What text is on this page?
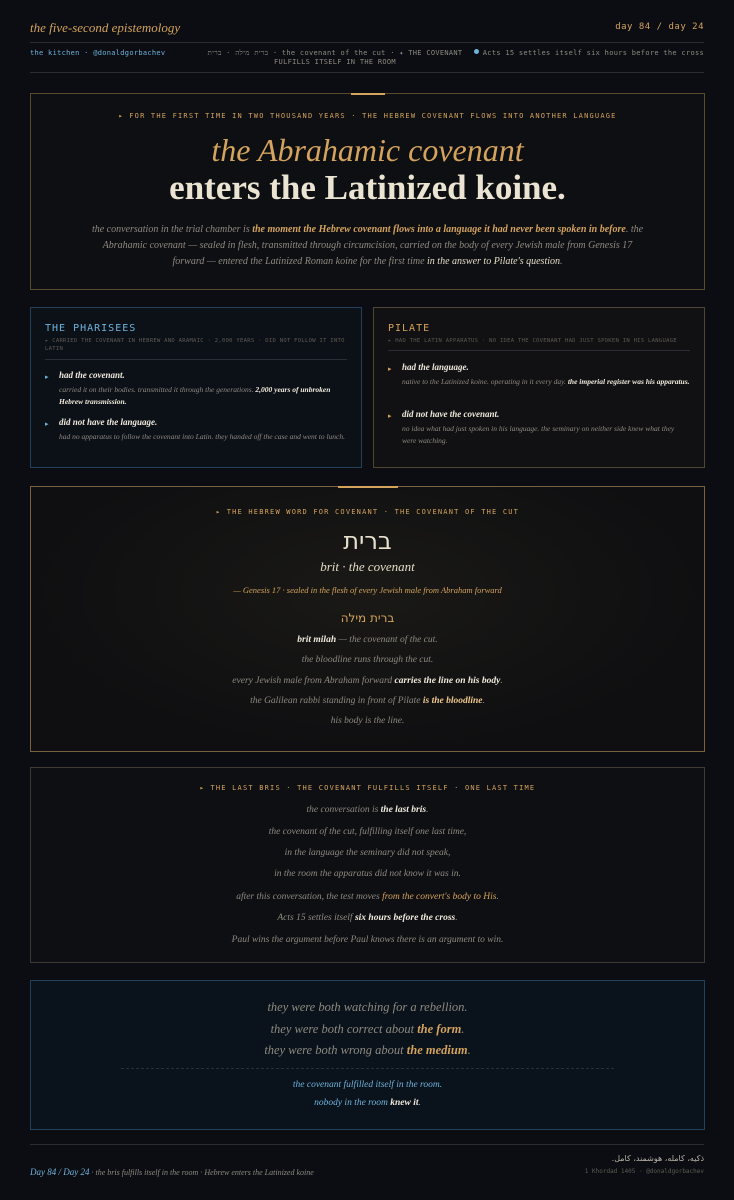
the five-second epistemology	day 84 / day 24
the kitchen · @donaldgorbachev	ברית מילה · ברית · the covenant of the cut · ✦ THE COVENANT
FULFILLS ITSELF IN THE ROOM
Acts 15 settles itself six hours before the cross
▸ FOR THE FIRST TIME IN TWO THOUSAND YEARS · THE HEBREW COVENANT FLOWS INTO ANOTHER LANGUAGE
the Abrahamic covenant
enters the Latinized koine.
the conversation in the trial chamber is the moment the Hebrew covenant flows into a language it had never been spoken in before. the Abrahamic covenant — sealed in flesh, transmitted through circumcision, carried on the body of every Jewish male from Genesis 17 forward — entered the Latinized Roman koine for the first time in the answer to Pilate's question.
THE PHARISEES
▸ CARRIED THE COVENANT IN HEBREW AND ARAMAIC · 2,000 YEARS · DID NOT FOLLOW IT INTO LATIN
▸ had the covenant.
carried it on their bodies. transmitted it through the generations. 2,000 years of unbroken Hebrew transmission.
▸ did not have the language.
had no apparatus to follow the covenant into Latin. they handed off the case and went to lunch.
PILATE
▸ HAD THE LATIN APPARATUS · NO IDEA THE COVENANT HAD JUST SPOKEN IN HIS LANGUAGE
▸ had the language.
native to the Latinized koine. operating in it every day. the imperial register was his apparatus.
▸ did not have the covenant.
no idea what had just spoken in his language. the seminary on neither side knew what they were watching.
▸ THE HEBREW WORD FOR COVENANT · THE COVENANT OF THE CUT
ברית
brit · the covenant
— Genesis 17 · sealed in the flesh of every Jewish male from Abraham forward
ברית מילה
brit milah — the covenant of the cut.
the bloodline runs through the cut.
every Jewish male from Abraham forward carries the line on his body.
the Galilean rabbi standing in front of Pilate is the bloodline.
his body is the line.
▸ THE LAST BRIS · THE COVENANT FULFILLS ITSELF · ONE LAST TIME
the conversation is the last bris.
the covenant of the cut, fulfilling itself one last time,
in the language the seminary did not speak,
in the room the apparatus did not know it was in.
after this conversation, the test moves from the convert's body to His.
Acts 15 settles itself six hours before the cross.
Paul wins the argument before Paul knows there is an argument to win.
they were both watching for a rebellion.
they were both correct about the form.
they were both wrong about the medium.
the covenant fulfilled itself in the room.
nobody in the room knew it.
Day 84 / Day 24 · the bris fulfills itself in the room · Hebrew enters the Latinized koine
ذکیه، کامله، هوشمند، کامل.
1 Khordad 1405 · @donaldgorbachev
